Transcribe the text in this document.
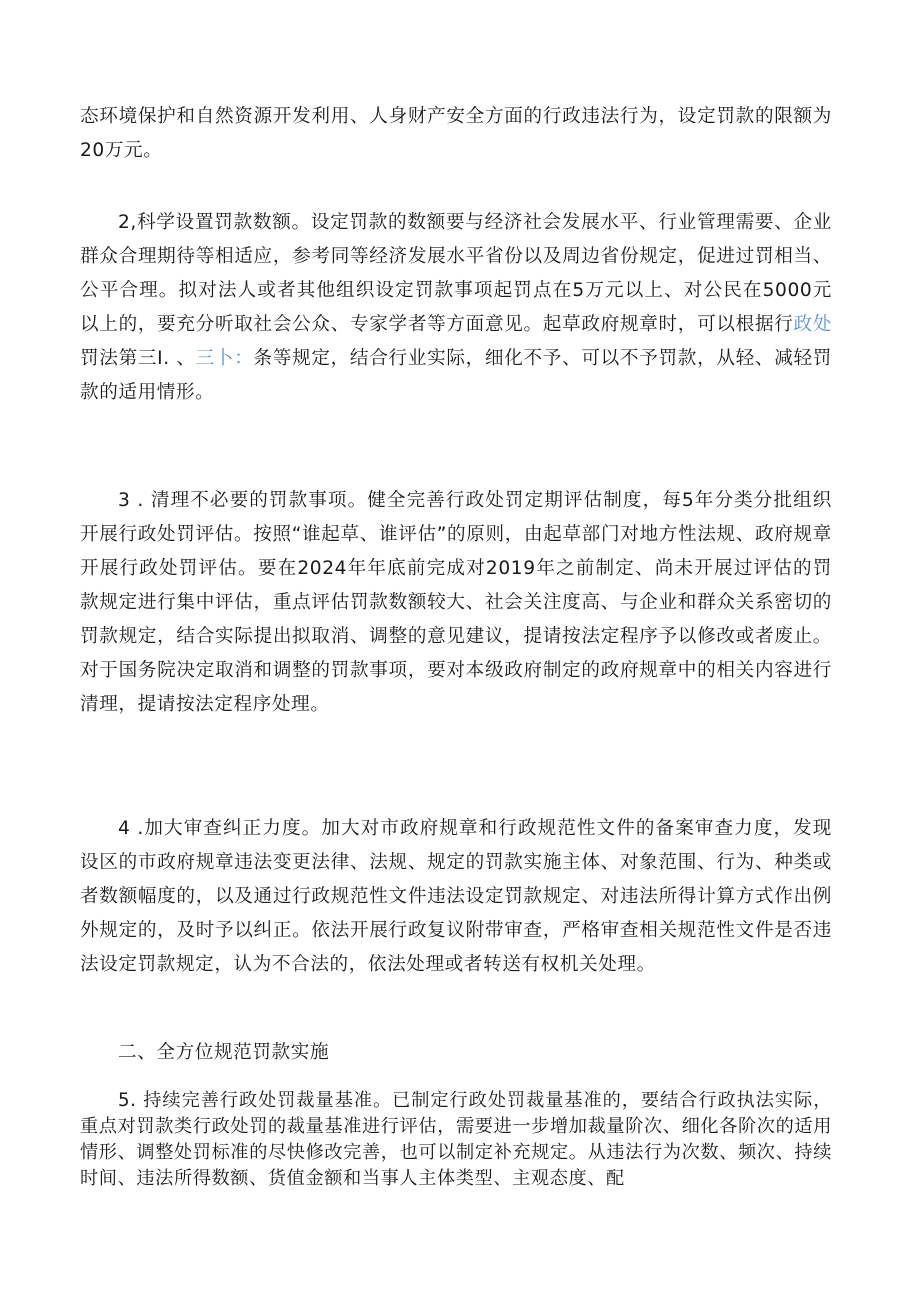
态环境保护和自然资源开发利用、人身财产安全方面的行政违法行为，设定罚款的限额为20万元。

2,科学设置罚款数额。设定罚款的数额要与经济社会发展水平、行业管理需要、企业群众合理期待等相适应，参考同等经济发展水平省份以及周边省份规定，促进过罚相当、公平合理。拟对法人或者其他组织设定罚款事项起罚点在5万元以上、对公民在5000元以上的，要充分听取社会公众、专家学者等方面意见。起草政府规章时，可以根据行政处罚法第三I. 、三卜：条等规定，结合行业实际，细化不予、可以不予罚款，从轻、减轻罚款的适用情形。

3 . 清理不必要的罚款事项。健全完善行政处罚定期评估制度，每5年分类分批组织开展行政处罚评估。按照“谁起草、谁评估”的原则，由起草部门对地方性法规、政府规章开展行政处罚评估。要在2024年年底前完成对2019年之前制定、尚未开展过评估的罚款规定进行集中评估，重点评估罚款数额较大、社会关注度高、与企业和群众关系密切的罚款规定，结合实际提出拟取消、调整的意见建议，提请按法定程序予以修改或者废止。对于国务院决定取消和调整的罚款事项，要对本级政府制定的政府规章中的相关内容进行清理，提请按法定程序处理。

4 .加大审查纠正力度。加大对市政府规章和行政规范性文件的备案审查力度，发现设区的市政府规章违法变更法律、法规、规定的罚款实施主体、对象范围、行为、种类或者数额幅度的，以及通过行政规范性文件违法设定罚款规定、对违法所得计算方式作出例外规定的，及时予以纠正。依法开展行政复议附带审查，严格审查相关规范性文件是否违法设定罚款规定，认为不合法的，依法处理或者转送有权机关处理。

二、全方位规范罚款实施

5. 持续完善行政处罚裁量基准。已制定行政处罚裁量基准的，要结合行政执法实际，重点对罚款类行政处罚的裁量基准进行评估，需要进一步增加裁量阶次、细化各阶次的适用情形、调整处罚标准的尽快修改完善，也可以制定补充规定。从违法行为次数、频次、持续时间、违法所得数额、货值金额和当事人主体类型、主观态度、配
